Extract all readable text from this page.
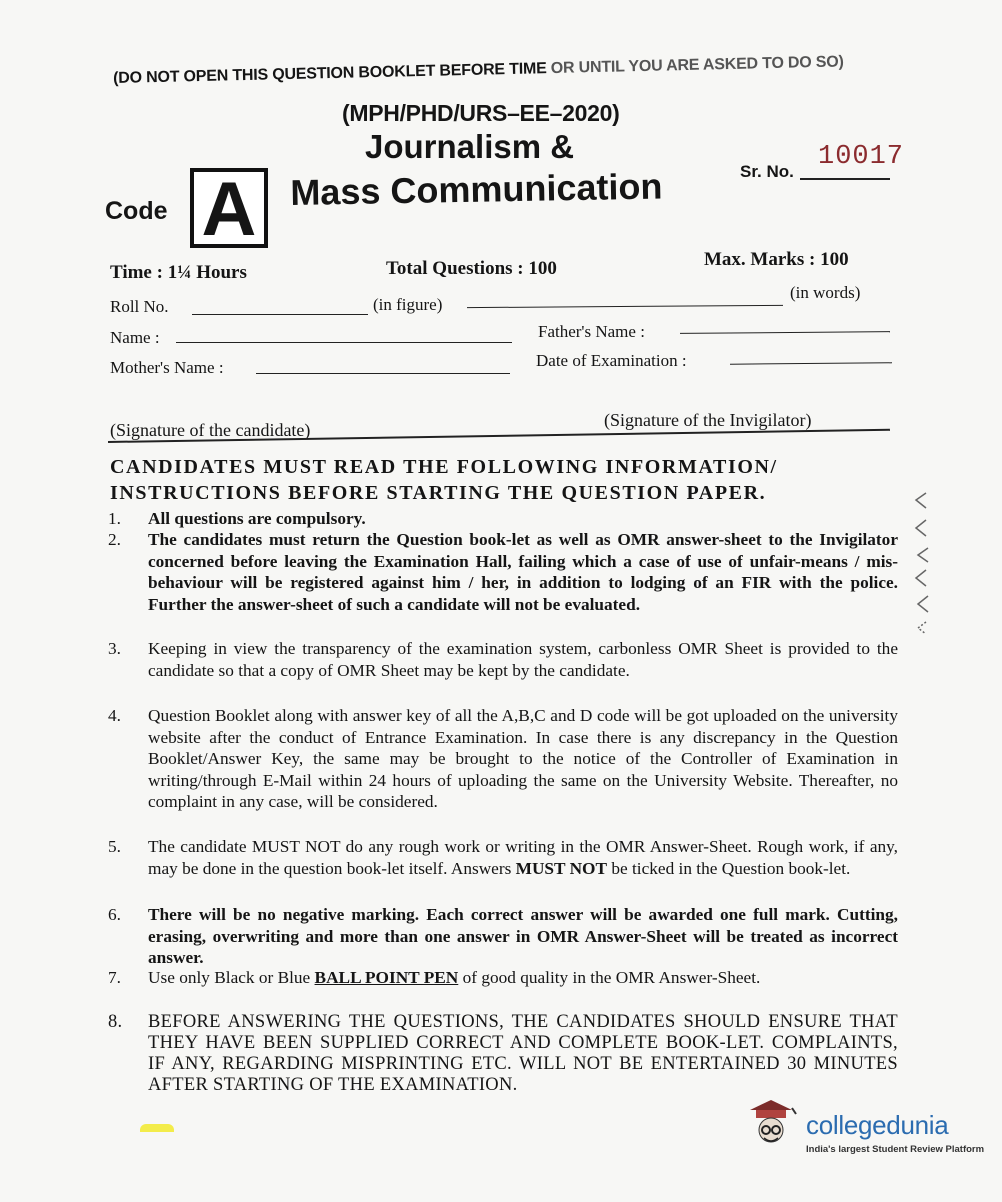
(DO NOT OPEN THIS QUESTION BOOKLET BEFORE TIME OR UNTIL YOU ARE ASKED TO DO SO)
(MPH/PHD/URS–EE–2020)
Journalism &
Mass Communication
Code A	Sr. No. 10017
Time : 1¼ Hours	Total Questions : 100	Max. Marks : 100
Roll No.	(in figure)
(in words)
Name :	Father's Name :
Mother's Name :	Date of Examination :
(Signature of the candidate)	(Signature of the Invigilator)
CANDIDATES MUST READ THE FOLLOWING INFORMATION/ INSTRUCTIONS BEFORE STARTING THE QUESTION PAPER.
1. All questions are compulsory.
2. The candidates must return the Question book-let as well as OMR answer-sheet to the Invigilator concerned before leaving the Examination Hall, failing which a case of use of unfair-means / mis-behaviour will be registered against him / her, in addition to lodging of an FIR with the police. Further the answer-sheet of such a candidate will not be evaluated.
3. Keeping in view the transparency of the examination system, carbonless OMR Sheet is provided to the candidate so that a copy of OMR Sheet may be kept by the candidate.
4. Question Booklet along with answer key of all the A,B,C and D code will be got uploaded on the university website after the conduct of Entrance Examination. In case there is any discrepancy in the Question Booklet/Answer Key, the same may be brought to the notice of the Controller of Examination in writing/through E-Mail within 24 hours of uploading the same on the University Website. Thereafter, no complaint in any case, will be considered.
5. The candidate MUST NOT do any rough work or writing in the OMR Answer-Sheet. Rough work, if any, may be done in the question book-let itself. Answers MUST NOT be ticked in the Question book-let.
6. There will be no negative marking. Each correct answer will be awarded one full mark. Cutting, erasing, overwriting and more than one answer in OMR Answer-Sheet will be treated as incorrect answer.
7. Use only Black or Blue BALL POINT PEN of good quality in the OMR Answer-Sheet.
8. BEFORE ANSWERING THE QUESTIONS, THE CANDIDATES SHOULD ENSURE THAT THEY HAVE BEEN SUPPLIED CORRECT AND COMPLETE BOOK-LET. COMPLAINTS, IF ANY, REGARDING MISPRINTING ETC. WILL NOT BE ENTERTAINED 30 MINUTES AFTER STARTING OF THE EXAMINATION.
collegedunia
India's largest Student Review Platform
